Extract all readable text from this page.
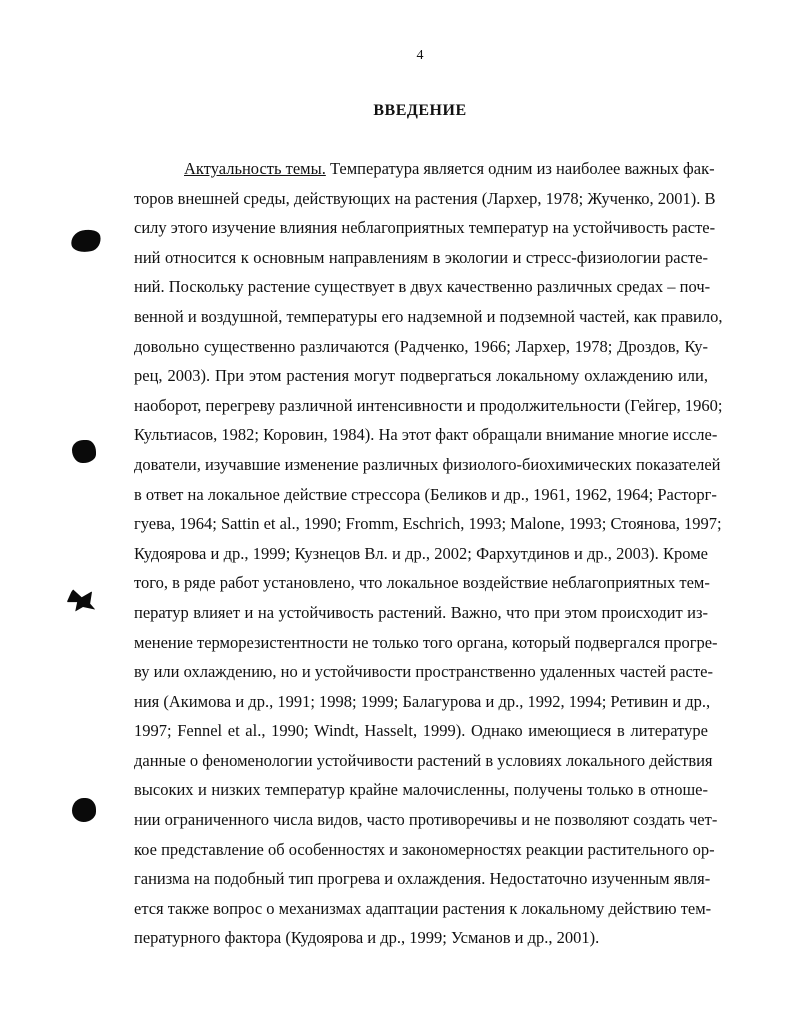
4
ВВЕДЕНИЕ
Актуальность темы. Температура является одним из наиболее важных фак-
торов внешней среды, действующих на растения (Лархер, 1978; Жученко, 2001). В
силу этого изучение влияния неблагоприятных температур на устойчивость расте-
ний относится к основным направлениям в экологии и стресс-физиологии расте-
ний. Поскольку растение существует в двух качественно различных средах – поч-
венной и воздушной, температуры его надземной и подземной частей, как правило,
довольно существенно различаются (Радченко, 1966; Лархер, 1978; Дроздов, Ку-
рец, 2003). При этом растения могут подвергаться локальному охлаждению или,
наоборот, перегреву различной интенсивности и продолжительности (Гейгер, 1960;
Культиасов, 1982; Коровин, 1984). На этот факт обращали внимание многие иссле-
дователи, изучавшие изменение различных физиолого-биохимических показателей
в ответ на локальное действие стрессора (Беликов и др., 1961, 1962, 1964; Расторг-
гуева, 1964; Sattin et al., 1990; Fromm, Eschrich, 1993; Malone, 1993; Стоянова, 1997;
Кудоярова и др., 1999; Кузнецов Вл. и др., 2002; Фархутдинов и др., 2003). Кроме
того, в ряде работ установлено, что локальное воздействие неблагоприятных тем-
ператур влияет и на устойчивость растений. Важно, что при этом происходит из-
менение терморезистентности не только того органа, который подвергался прогре-
ву или охлаждению, но и устойчивости пространственно удаленных частей расте-
ния (Акимова и др., 1991; 1998; 1999; Балагурова и др., 1992, 1994; Ретивин и др.,
1997; Fennel et al., 1990; Windt, Hasselt, 1999). Однако имеющиеся в литературе
данные о феноменологии устойчивости растений в условиях локального действия
высоких и низких температур крайне малочисленны, получены только в отноше-
нии ограниченного числа видов, часто противоречивы и не позволяют создать чет-
кое представление об особенностях и закономерностях реакции растительного ор-
ганизма на подобный тип прогрева и охлаждения. Недостаточно изученным явля-
ется также вопрос о механизмах адаптации растения к локальному действию тем-
пературного фактора (Кудоярова и др., 1999; Усманов и др., 2001).
